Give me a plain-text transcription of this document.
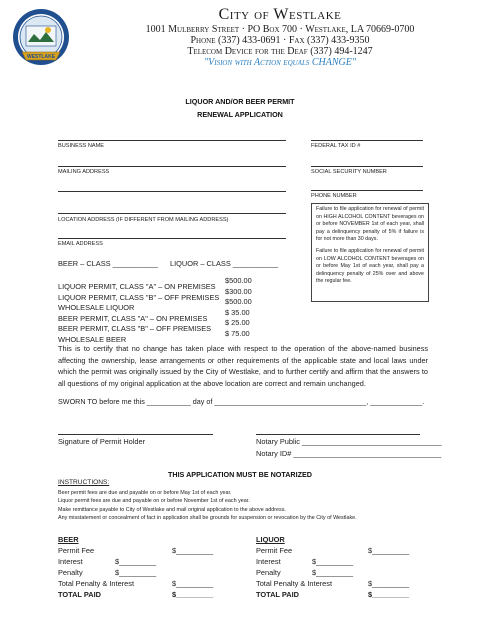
WESTLAKE
City of Westlake
1001 Mulberry Street · PO Box 700 · Westlake, LA 70669-0700
Phone (337) 433-0691 · Fax (337) 433-9350
Telecom Device for the Deaf (337) 494-1247
"Vision with Action equals CHANGE"
LIQUOR AND/OR BEER PERMIT
RENEWAL APPLICATION
BUSINESS NAME
MAILING ADDRESS
LOCATION ADDRESS (IF DIFFERENT FROM MAILING ADDRESS)
EMAIL ADDRESS
FEDERAL TAX ID #
SOCIAL SECURITY NUMBER
PHONE NUMBER

Failure to file application for renewal of permit on HIGH ALCOHOL CONTENT beverages on or before NOVEMBER 1st of each year, shall pay a delinquency penalty of 5% if failure is for not more than 30 days.

Failure to file application for renewal of permit on LOW ALCOHOL CONTENT beverages on or before May 1st of each year, shall pay a delinquency penalty of 25% over and above the regular fee.

BEER – CLASS ___________ LIQUOR – CLASS ___________
LIQUOR PERMIT, CLASS "A" – ON PREMISES
$500.00
LIQUOR PERMIT, CLASS "B" – OFF PREMISES
$300.00
WHOLESALE LIQUOR
$500.00
BEER PERMIT, CLASS "A" – ON PREMISES
$ 35.00
BEER PERMIT, CLASS "B" – OFF PREMISES
$ 25.00
WHOLESALE BEER
$ 75.00
This is to certify that no change has taken place with respect to the operation of the above-named business affecting the ownership, lease arrangements or other requirements of the applicable state and local laws under which the permit was originally issued by the City of Westlake, and to further certify and affirm that the answers to all questions of my original application at the above location are correct and remain unchanged.
SWORN TO before me this ___________ day of ______________________________________, _____________.
Signature of Permit Holder	Notary Public __________________________________
Notary ID# ____________________________________
THIS APPLICATION MUST BE NOTARIZED
INSTRUCTIONS:
Beer permit fees are due and payable on or before May 1st of each year.
Liquor permit fees are due and payable on or before November 1st of each year.
Make remittance payable to City of Westlake and mail original application to the above address.
Any misstatement or concealment of fact in application shall be grounds for suspension or revocation by the City of Westlake.
BEER
Permit Fee	$_________
Interest	$_________
Penalty	$_________
Total Penalty & Interest	$_________
TOTAL PAID	$_________
LIQUOR
Permit Fee	$_________
Interest	$_________
Penalty	$_________
Total Penalty & Interest	$_________
TOTAL PAID	$_________
